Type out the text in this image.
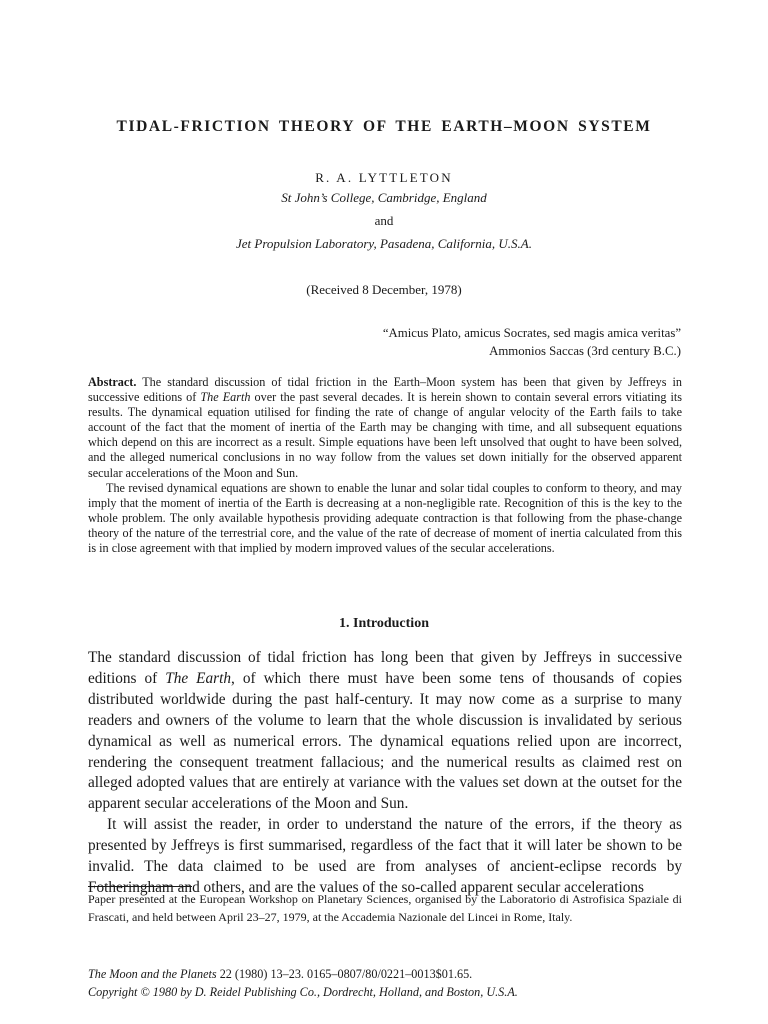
TIDAL-FRICTION THEORY OF THE EARTH–MOON SYSTEM
R. A. LYTTLETON
St John’s College, Cambridge, England
and
Jet Propulsion Laboratory, Pasadena, California, U.S.A.
(Received 8 December, 1978)
“Amicus Plato, amicus Socrates, sed magis amica veritas”
Ammonios Saccas (3rd century B.C.)

Abstract. The standard discussion of tidal friction in the Earth–Moon system has been that given by Jeffreys in successive editions of The Earth over the past several decades. It is herein shown to contain several errors vitiating its results. The dynamical equation utilised for finding the rate of change of angular velocity of the Earth fails to take account of the fact that the moment of inertia of the Earth may be changing with time, and all subsequent equations which depend on this are incorrect as a result. Simple equations have been left unsolved that ought to have been solved, and the alleged numerical conclusions in no way follow from the values set down initially for the observed apparent secular accelerations of the Moon and Sun.

The revised dynamical equations are shown to enable the lunar and solar tidal couples to conform to theory, and may imply that the moment of inertia of the Earth is decreasing at a non-negligible rate. Recognition of this is the key to the whole problem. The only available hypothesis providing adequate contraction is that following from the phase-change theory of the nature of the terrestrial core, and the value of the rate of decrease of moment of inertia calculated from this is in close agreement with that implied by modern improved values of the secular accelerations.

1. Introduction

The standard discussion of tidal friction has long been that given by Jeffreys in successive editions of The Earth, of which there must have been some tens of thousands of copies distributed worldwide during the past half-century. It may now come as a surprise to many readers and owners of the volume to learn that the whole discussion is invalidated by serious dynamical as well as numerical errors. The dynamical equations relied upon are incorrect, rendering the consequent treatment fallacious; and the numerical results as claimed rest on alleged adopted values that are entirely at variance with the values set down at the outset for the apparent secular accelerations of the Moon and Sun.

It will assist the reader, in order to understand the nature of the errors, if the theory as presented by Jeffreys is first summarised, regardless of the fact that it will later be shown to be invalid. The data claimed to be used are from analyses of ancient-eclipse records by Fotheringham and others, and are the values of the so-called apparent secular accelerations

Paper presented at the European Workshop on Planetary Sciences, organised by the Laboratorio di Astrofisica Spaziale di Frascati, and held between April 23–27, 1979, at the Accademia Nazionale del Lincei in Rome, Italy.
The Moon and the Planets 22 (1980) 13–23. 0165–0807/80/0221–0013$01.65.
Copyright © 1980 by D. Reidel Publishing Co., Dordrecht, Holland, and Boston, U.S.A.
